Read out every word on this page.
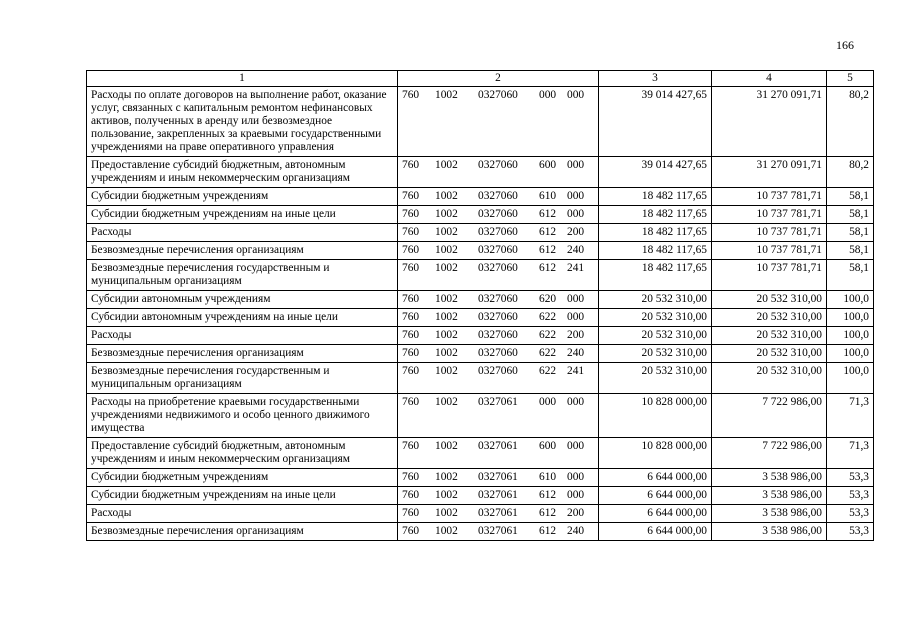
166
1	2	3	4	5
Расходы по оплате договоров на выполнение работ, оказание услуг, связанных с капитальным ремонтом нефинансовых активов, полученных в аренду или безвозмездное пользование, закрепленных за краевыми государственными учреждениями на праве оперативного управления	760 1002 0327060 000 000	39 014 427,65	31 270 091,71	80,2
Предоставление субсидий бюджетным, автономным учреждениям и иным некоммерческим организациям	760 1002 0327060 600 000	39 014 427,65	31 270 091,71	80,2
Субсидии бюджетным учреждениям	760 1002 0327060 610 000	18 482 117,65	10 737 781,71	58,1
Субсидии бюджетным учреждениям на иные цели	760 1002 0327060 612 000	18 482 117,65	10 737 781,71	58,1
Расходы	760 1002 0327060 612 200	18 482 117,65	10 737 781,71	58,1
Безвозмездные перечисления организациям	760 1002 0327060 612 240	18 482 117,65	10 737 781,71	58,1
Безвозмездные перечисления государственным и муниципальным организациям	760 1002 0327060 612 241	18 482 117,65	10 737 781,71	58,1
Субсидии автономным учреждениям	760 1002 0327060 620 000	20 532 310,00	20 532 310,00	100,0
Субсидии автономным учреждениям на иные цели	760 1002 0327060 622 000	20 532 310,00	20 532 310,00	100,0
Расходы	760 1002 0327060 622 200	20 532 310,00	20 532 310,00	100,0
Безвозмездные перечисления организациям	760 1002 0327060 622 240	20 532 310,00	20 532 310,00	100,0
Безвозмездные перечисления государственным и муниципальным организациям	760 1002 0327060 622 241	20 532 310,00	20 532 310,00	100,0
Расходы на приобретение краевыми государственными учреждениями недвижимого и особо ценного движимого имущества	760 1002 0327061 000 000	10 828 000,00	7 722 986,00	71,3
Предоставление субсидий бюджетным, автономным учреждениям и иным некоммерческим организациям	760 1002 0327061 600 000	10 828 000,00	7 722 986,00	71,3
Субсидии бюджетным учреждениям	760 1002 0327061 610 000	6 644 000,00	3 538 986,00	53,3
Субсидии бюджетным учреждениям на иные цели	760 1002 0327061 612 000	6 644 000,00	3 538 986,00	53,3
Расходы	760 1002 0327061 612 200	6 644 000,00	3 538 986,00	53,3
Безвозмездные перечисления организациям	760 1002 0327061 612 240	6 644 000,00	3 538 986,00	53,3
